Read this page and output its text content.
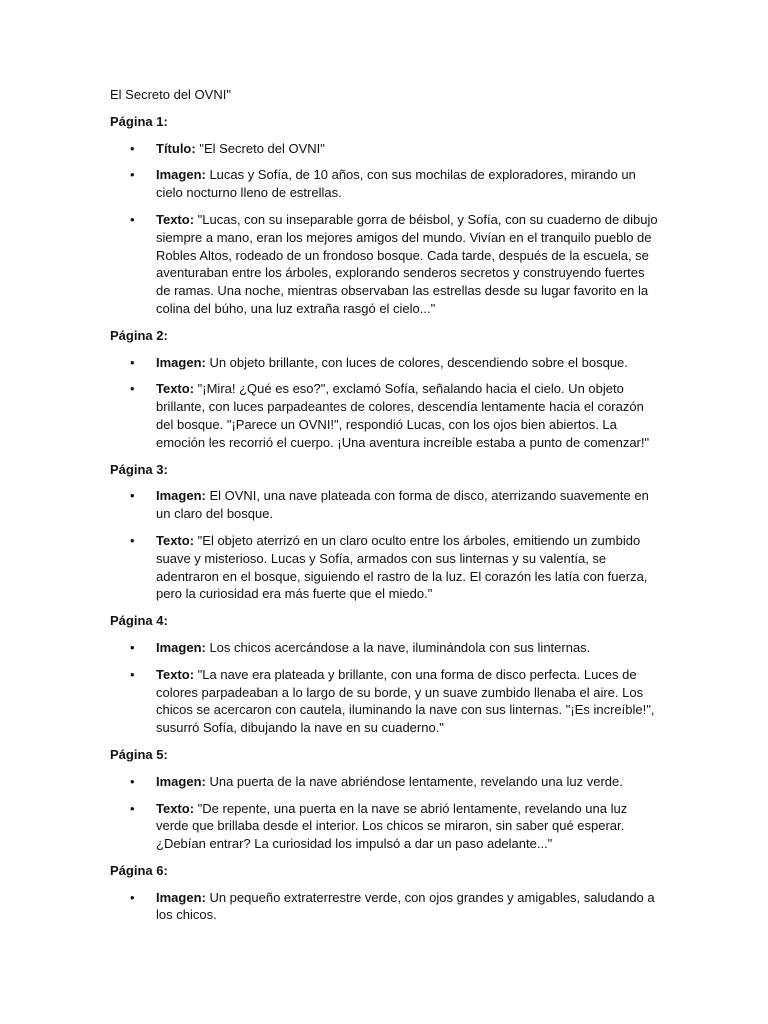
El Secreto del OVNI"

Página 1:

• Título: "El Secreto del OVNI"
• Imagen: Lucas y Sofía, de 10 años, con sus mochilas de exploradores, mirando un cielo nocturno lleno de estrellas.
• Texto: "Lucas, con su inseparable gorra de béisbol, y Sofía, con su cuaderno de dibujo siempre a mano, eran los mejores amigos del mundo. Vivían en el tranquilo pueblo de Robles Altos, rodeado de un frondoso bosque. Cada tarde, después de la escuela, se aventuraban entre los árboles, explorando senderos secretos y construyendo fuertes de ramas. Una noche, mientras observaban las estrellas desde su lugar favorito en la colina del búho, una luz extraña rasgó el cielo..."

Página 2:

• Imagen: Un objeto brillante, con luces de colores, descendiendo sobre el bosque.
• Texto: "¡Mira! ¿Qué es eso?", exclamó Sofía, señalando hacia el cielo. Un objeto brillante, con luces parpadeantes de colores, descendía lentamente hacia el corazón del bosque. "¡Parece un OVNI!", respondió Lucas, con los ojos bien abiertos. La emoción les recorrió el cuerpo. ¡Una aventura increíble estaba a punto de comenzar!"

Página 3:

• Imagen: El OVNI, una nave plateada con forma de disco, aterrizando suavemente en un claro del bosque.
• Texto: "El objeto aterrizó en un claro oculto entre los árboles, emitiendo un zumbido suave y misterioso. Lucas y Sofía, armados con sus linternas y su valentía, se adentraron en el bosque, siguiendo el rastro de la luz. El corazón les latía con fuerza, pero la curiosidad era más fuerte que el miedo."

Página 4:

• Imagen: Los chicos acercándose a la nave, iluminándola con sus linternas.
• Texto: "La nave era plateada y brillante, con una forma de disco perfecta. Luces de colores parpadeaban a lo largo de su borde, y un suave zumbido llenaba el aire. Los chicos se acercaron con cautela, iluminando la nave con sus linternas. "¡Es increíble!", susurró Sofía, dibujando la nave en su cuaderno."

Página 5:

• Imagen: Una puerta de la nave abriéndose lentamente, revelando una luz verde.
• Texto: "De repente, una puerta en la nave se abrió lentamente, revelando una luz verde que brillaba desde el interior. Los chicos se miraron, sin saber qué esperar. ¿Debían entrar? La curiosidad los impulsó a dar un paso adelante..."

Página 6:

• Imagen: Un pequeño extraterrestre verde, con ojos grandes y amigables, saludando a los chicos.
